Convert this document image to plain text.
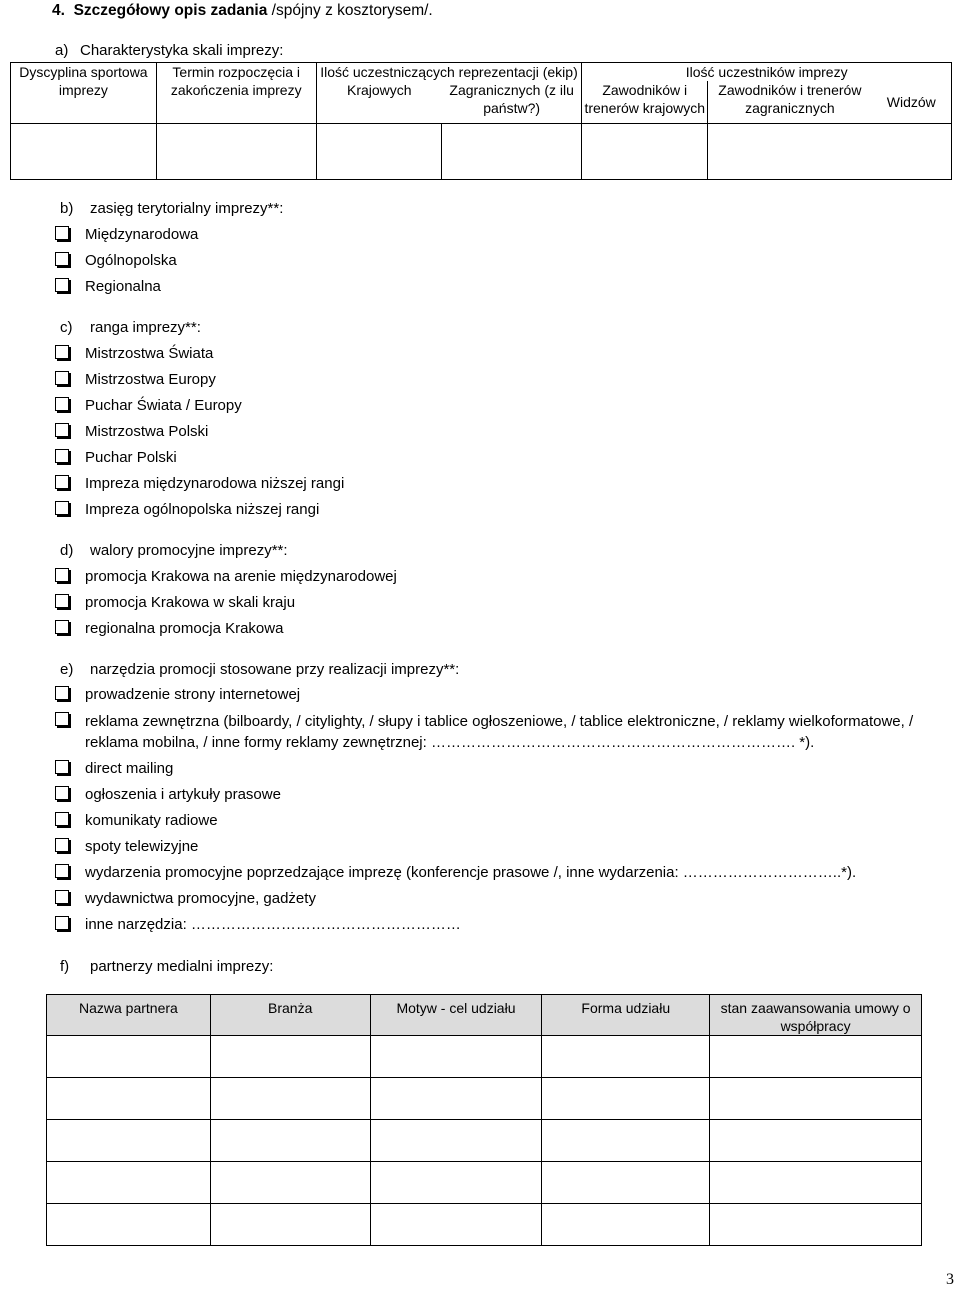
4. Szczegółowy opis zadania /spójny z kosztorysem/.
a) Charakterystyka skali imprezy:
Dyscyplina sportowa imprezy	Termin rozpoczęcia i zakończenia imprezy	Ilość uczestniczących reprezentacji (ekip)		Ilość uczestników imprezy		
		Krajowych	Zagranicznych (z ilu państw?)	Zawodników i trenerów krajowych	Zawodników i trenerów zagranicznych	Widzów

b) zasięg terytorialny imprezy**:
Międzynarodowa
Ogólnopolska
Regionalna
c) ranga imprezy**:
Mistrzostwa Świata
Mistrzostwa Europy
Puchar Świata / Europy
Mistrzostwa Polski
Puchar Polski
Impreza międzynarodowa niższej rangi
Impreza ogólnopolska niższej rangi
d) walory promocyjne imprezy**:
promocja Krakowa na arenie międzynarodowej
promocja Krakowa w skali kraju
regionalna promocja Krakowa
e) narzędzia promocji stosowane przy realizacji imprezy**:
prowadzenie strony internetowej
reklama zewnętrzna (bilboardy, / citylighty, / słupy i tablice ogłoszeniowe, / tablice elektroniczne, / reklamy wielkoformatowe, / reklama mobilna, / inne formy reklamy zewnętrznej: ………………………………………………………………. *).
direct mailing
ogłoszenia i artykuły prasowe
komunikaty radiowe
spoty telewizyjne
wydarzenia promocyjne poprzedzające imprezę (konferencje prasowe /, inne wydarzenia: …………………………..*).
wydawnictwa promocyjne, gadżety
inne narzędzia: ………………………………………………
f) partnerzy medialni imprezy:
Nazwa partnera	Branża	Motyw - cel udziału	Forma udziału	stan zaawansowania umowy o współpracy

3
